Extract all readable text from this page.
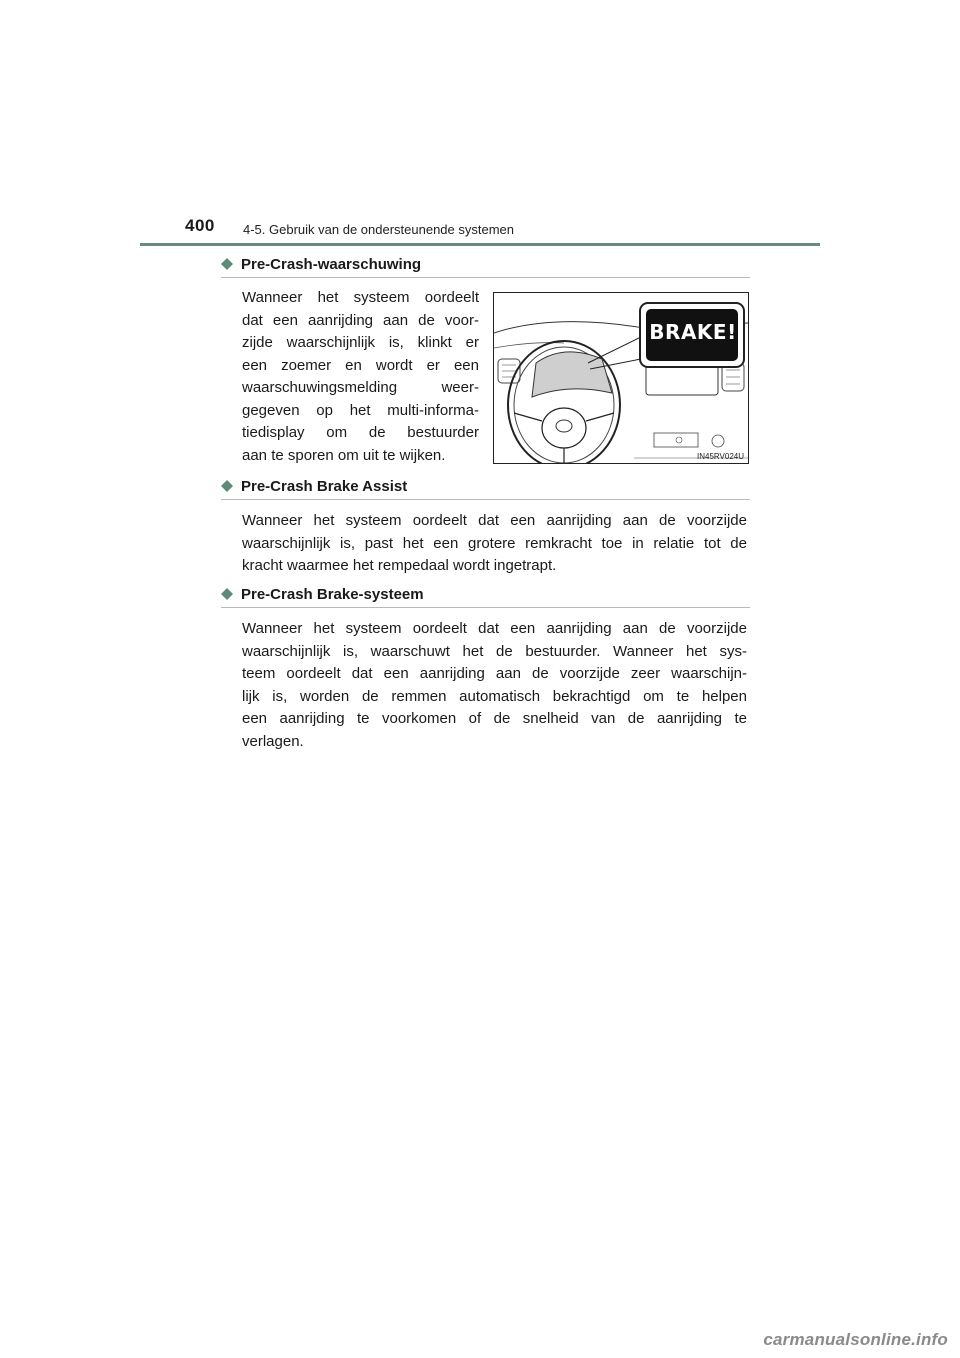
400 4-5. Gebruik van de ondersteunende systemen
Pre-Crash-waarschuwing
Wanneer het systeem oordeelt
dat een aanrijding aan de voor-
zijde waarschijnlijk is, klinkt er
een zoemer en wordt er een
waarschuwingsmelding weer-
gegeven op het multi-informa-
tiedisplay om de bestuurder
aan te sporen om uit te wijken.
BRAKE!
IN45RV024U
Pre-Crash Brake Assist
Wanneer het systeem oordeelt dat een aanrijding aan de voorzijde
waarschijnlijk is, past het een grotere remkracht toe in relatie tot de
kracht waarmee het rempedaal wordt ingetrapt.
Pre-Crash Brake-systeem
Wanneer het systeem oordeelt dat een aanrijding aan de voorzijde
waarschijnlijk is, waarschuwt het de bestuurder. Wanneer het sys-
teem oordeelt dat een aanrijding aan de voorzijde zeer waarschijn-
lijk is, worden de remmen automatisch bekrachtigd om te helpen
een aanrijding te voorkomen of de snelheid van de aanrijding te
verlagen.
carmanualsonline.info
